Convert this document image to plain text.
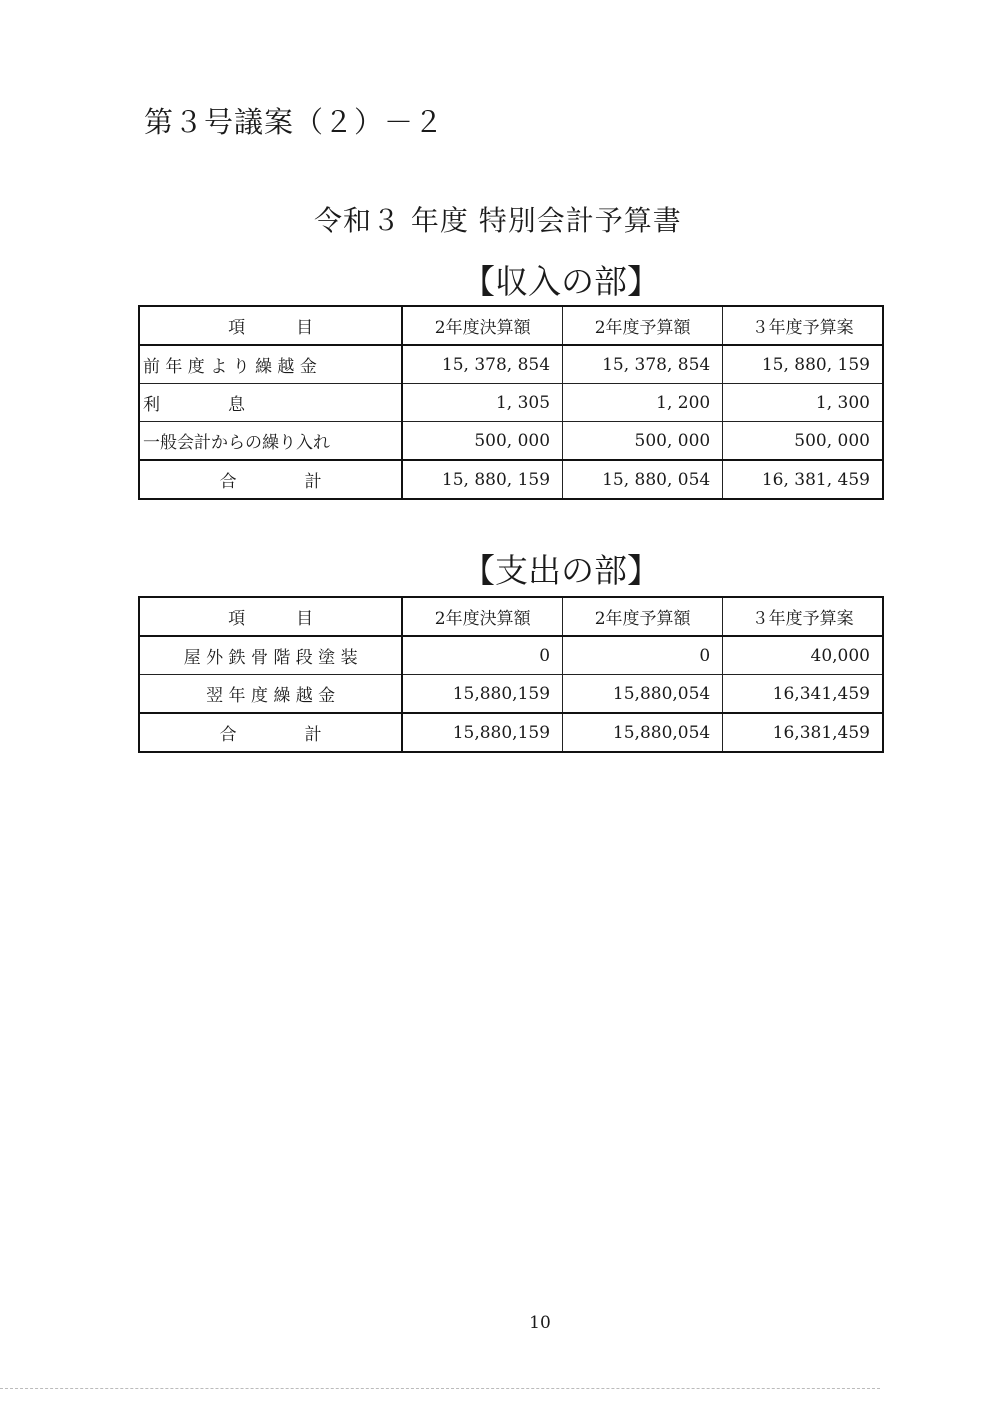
第３号議案（２）－２
令和３ 年度 特別会計予算書
【収入の部】
項　　　目	2年度決算額	2年度予算額	３年度予算案
前 年 度 よ り 繰 越 金	15, 378, 854	15, 378, 854	15, 880, 159
利　　　　息	1, 305	1, 200	1, 300
一般会計からの繰り入れ	500, 000	500, 000	500, 000
合　　　　計	15, 880, 159	15, 880, 054	16, 381, 459
【支出の部】
項　　　目	2年度決算額	2年度予算額	３年度予算案
屋 外 鉄 骨 階 段 塗 装	0	0	40,000
翌 年 度 繰 越 金	15,880,159	15,880,054	16,341,459
合　　　　計	15,880,159	15,880,054	16,381,459
10
